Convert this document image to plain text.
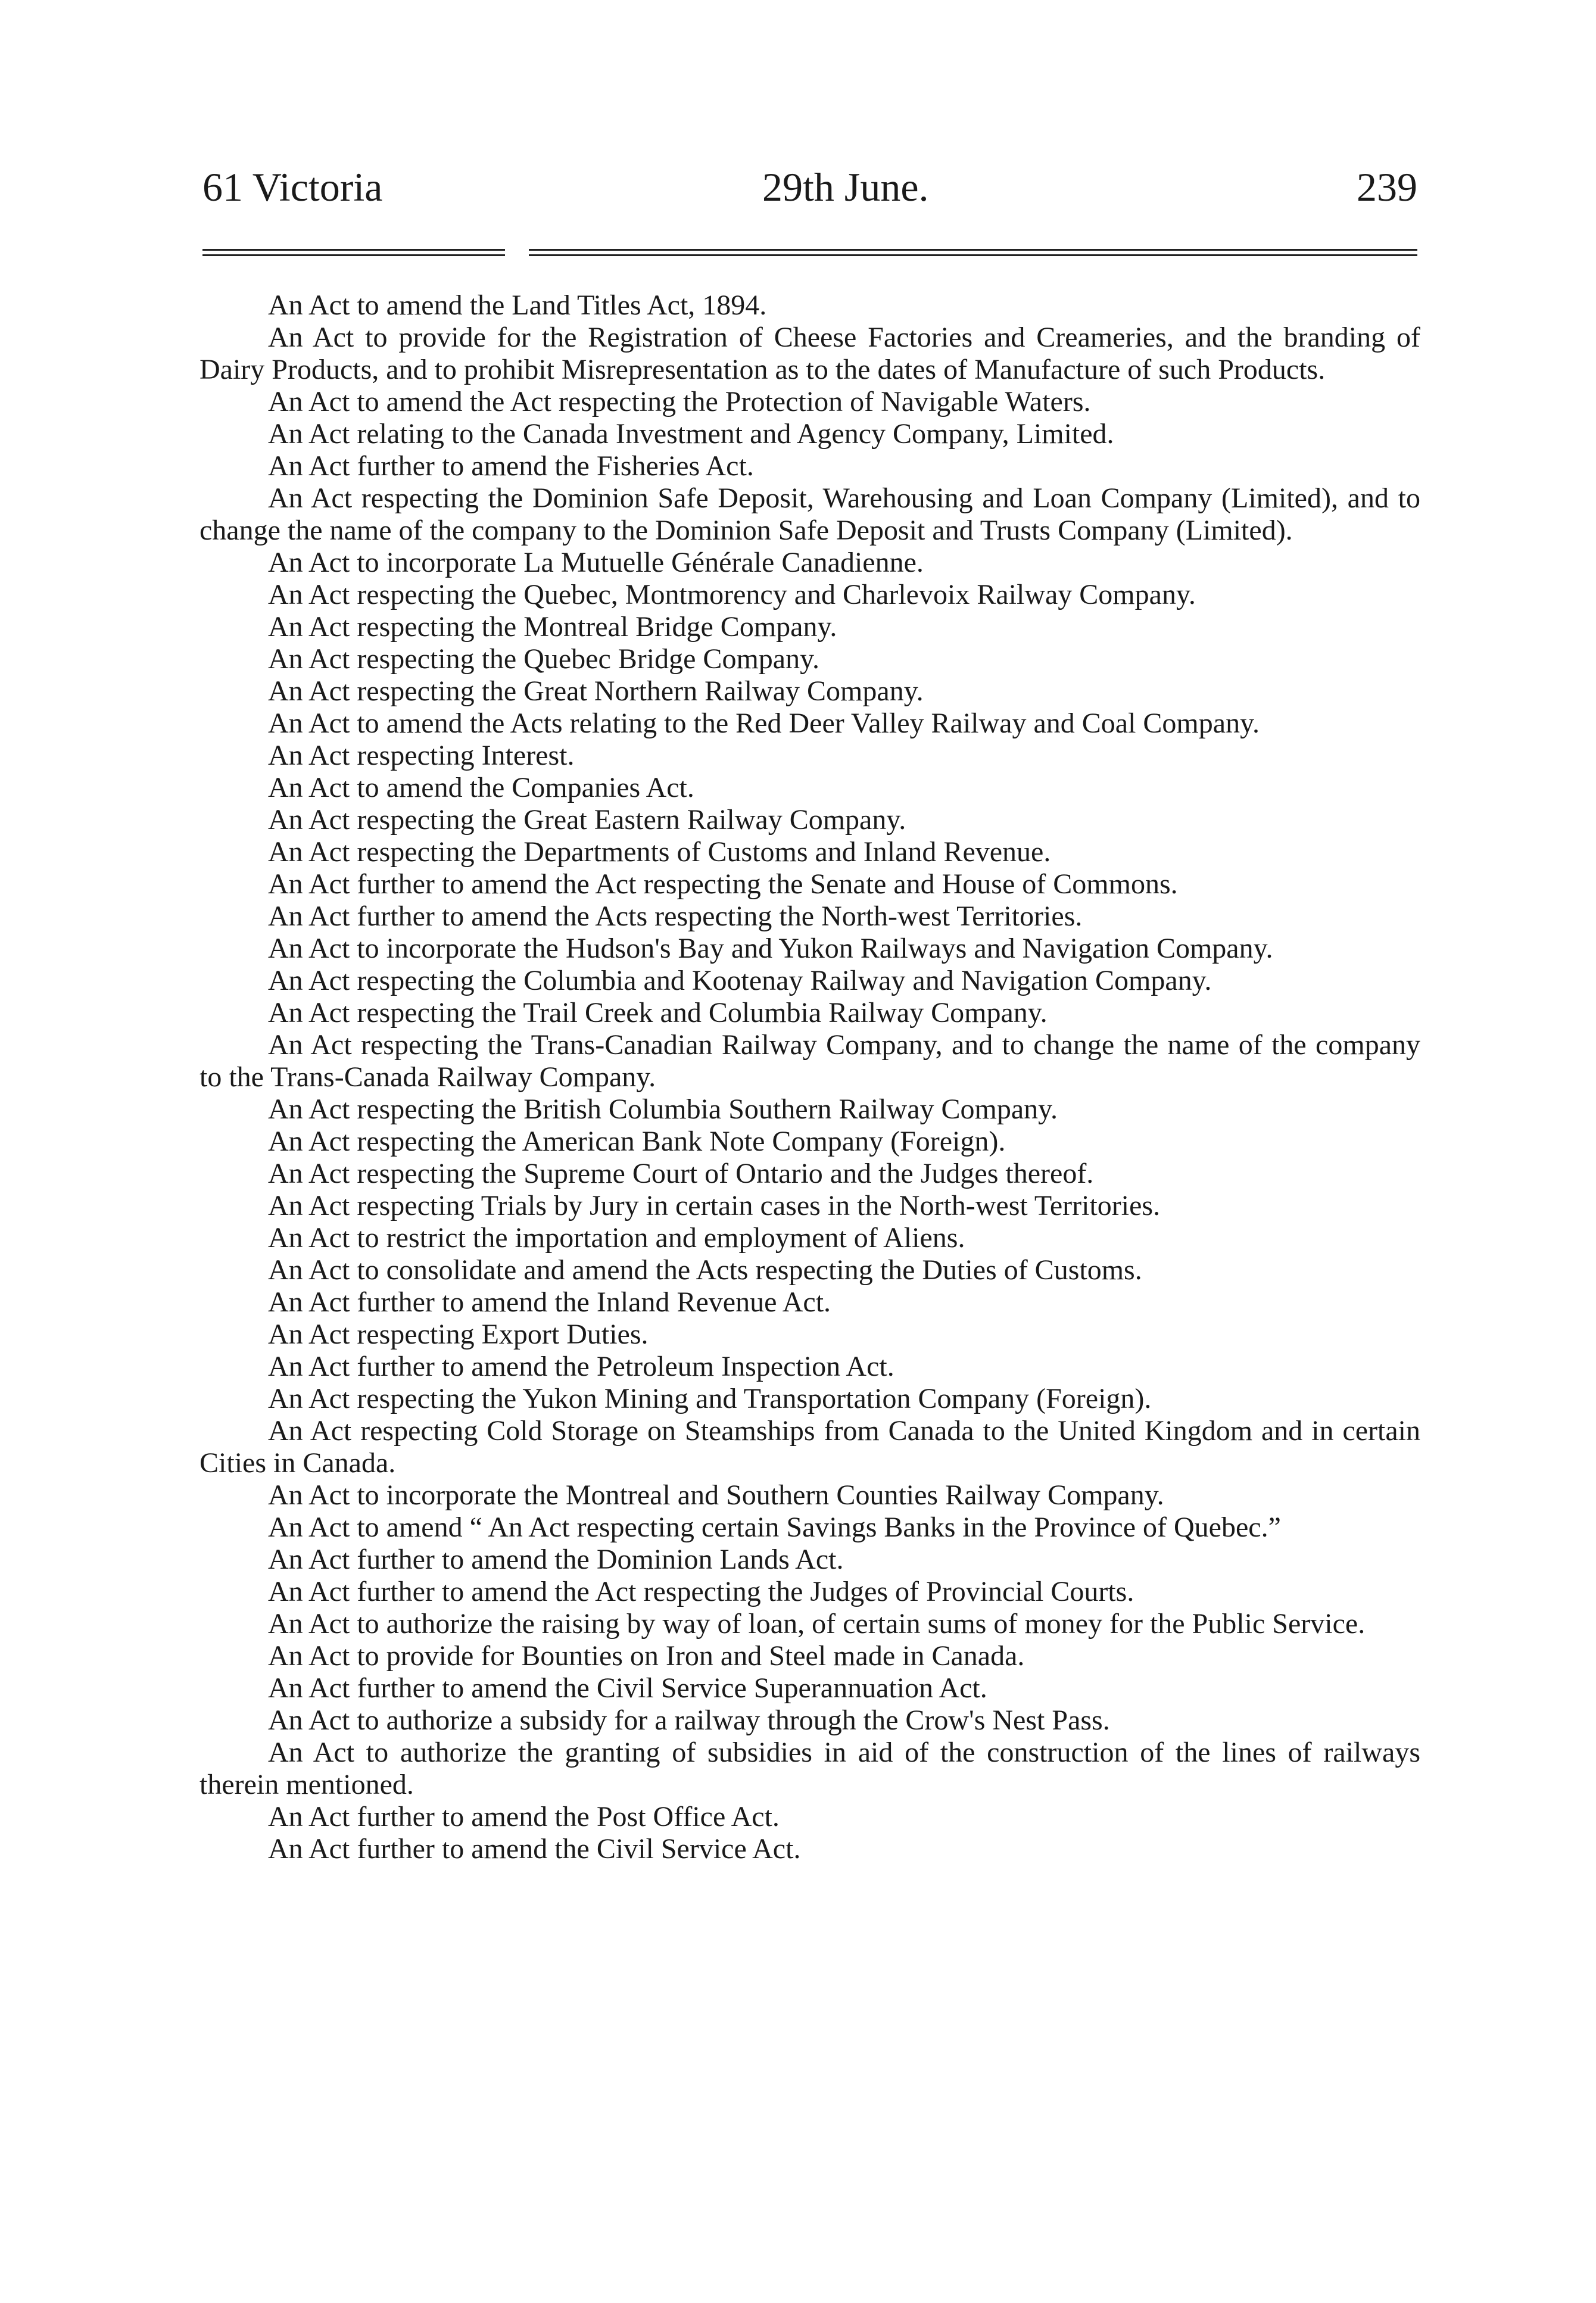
61 Victoria	29th June.	239

An Act to amend the Land Titles Act, 1894.

An Act to provide for the Registration of Cheese Factories and Creameries, and the branding of Dairy Products, and to prohibit Misrepresentation as to the dates of Manufacture of such Products.

An Act to amend the Act respecting the Protection of Navigable Waters.

An Act relating to the Canada Investment and Agency Company, Limited.

An Act further to amend the Fisheries Act.

An Act respecting the Dominion Safe Deposit, Warehousing and Loan Company (Limited), and to change the name of the company to the Dominion Safe Deposit and Trusts Company (Limited).

An Act to incorporate La Mutuelle Générale Canadienne.

An Act respecting the Quebec, Montmorency and Charlevoix Railway Company.

An Act respecting the Montreal Bridge Company.

An Act respecting the Quebec Bridge Company.

An Act respecting the Great Northern Railway Company.

An Act to amend the Acts relating to the Red Deer Valley Railway and Coal Company.

An Act respecting Interest.

An Act to amend the Companies Act.

An Act respecting the Great Eastern Railway Company.

An Act respecting the Departments of Customs and Inland Revenue.

An Act further to amend the Act respecting the Senate and House of Commons.

An Act further to amend the Acts respecting the North-west Territories.

An Act to incorporate the Hudson's Bay and Yukon Railways and Navigation Company.

An Act respecting the Columbia and Kootenay Railway and Navigation Company.

An Act respecting the Trail Creek and Columbia Railway Company.

An Act respecting the Trans-Canadian Railway Company, and to change the name of the company to the Trans-Canada Railway Company.

An Act respecting the British Columbia Southern Railway Company.

An Act respecting the American Bank Note Company (Foreign).

An Act respecting the Supreme Court of Ontario and the Judges thereof.

An Act respecting Trials by Jury in certain cases in the North-west Territories.

An Act to restrict the importation and employment of Aliens.

An Act to consolidate and amend the Acts respecting the Duties of Customs.

An Act further to amend the Inland Revenue Act.

An Act respecting Export Duties.

An Act further to amend the Petroleum Inspection Act.

An Act respecting the Yukon Mining and Transportation Company (Foreign).

An Act respecting Cold Storage on Steamships from Canada to the United Kingdom and in certain Cities in Canada.

An Act to incorporate the Montreal and Southern Counties Railway Company.

An Act to amend “ An Act respecting certain Savings Banks in the Province of Quebec.”

An Act further to amend the Dominion Lands Act.

An Act further to amend the Act respecting the Judges of Provincial Courts.

An Act to authorize the raising by way of loan, of certain sums of money for the Public Service.

An Act to provide for Bounties on Iron and Steel made in Canada.

An Act further to amend the Civil Service Superannuation Act.

An Act to authorize a subsidy for a railway through the Crow's Nest Pass.

An Act to authorize the granting of subsidies in aid of the construction of the lines of railways therein mentioned.

An Act further to amend the Post Office Act.

An Act further to amend the Civil Service Act.
